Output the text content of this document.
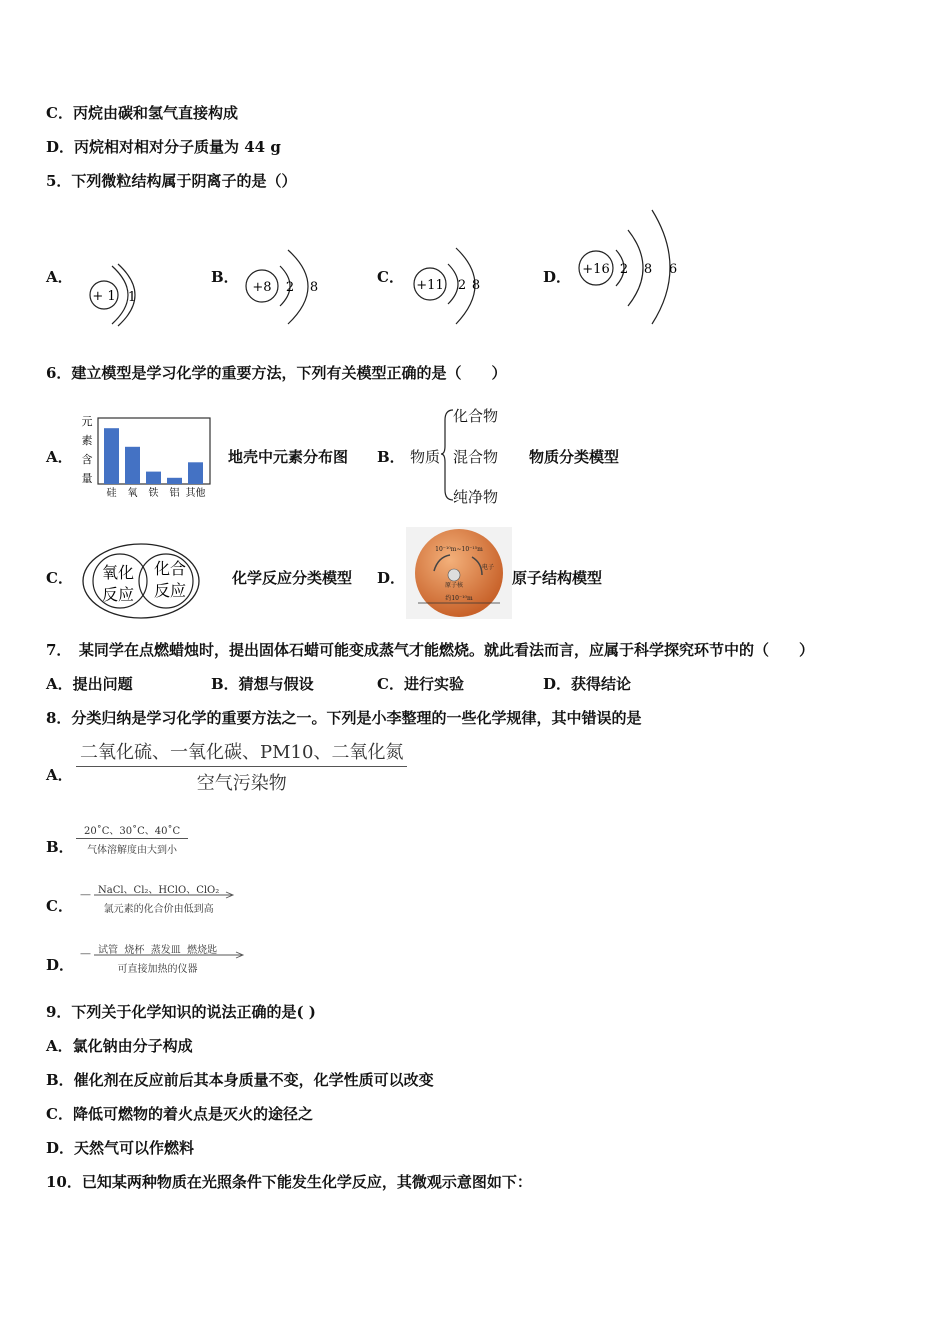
C．丙烷由碳和氢气直接构成
D．丙烷相对相对分子质量为 44 g
5．下列微粒结构属于阴离子的是（）
A．
+ 1 1
B．
+8 2 8
C． +11 2 8	D． +16 2 8 6
6．建立模型是学习化学的重要方法，下列有关模型正确的是（　　）
A．
元
素
含
量
硅 氧 铁 铝 其他
地壳中元素分布图 B． 物质
化合物
混合物
纯净物
物质分类模型
C． 氧化
反应
化合
反应
化学反应分类模型 D．
10⁻¹⁰m~10⁻¹⁵m
原子核
电子
约10⁻¹⁰m
原子结构模型
7．　某同学在点燃蜡烛时，提出固体石蜡可能变成蒸气才能燃烧。就此看法而言，应属于科学探究环节中的（　　）
A．提出问题	B．猜想与假设	C．进行实验	D．获得结论
8．分类归纳是学习化学的重要方法之一。下列是小李整理的一些化学规律，其中错误的是
A．
二氧化硫、一氧化碳、PM10、二氧化氮
空气污染物
B．
20˚C、30˚C、40˚C
气体溶解度由大到小
C．
— NaCl、Cl₂、HClO、ClO₂
氯元素的化合价由低到高
D．
— 试管  烧杯  蒸发皿  燃烧匙
可直接加热的仪器
9．下列关于化学知识的说法正确的是( )
A．氯化钠由分子构成
B．催化剂在反应前后其本身质量不变，化学性质可以改变
C．降低可燃物的着火点是灭火的途径之
D．天然气可以作燃料
10．已知某两种物质在光照条件下能发生化学反应，其微观示意图如下：
